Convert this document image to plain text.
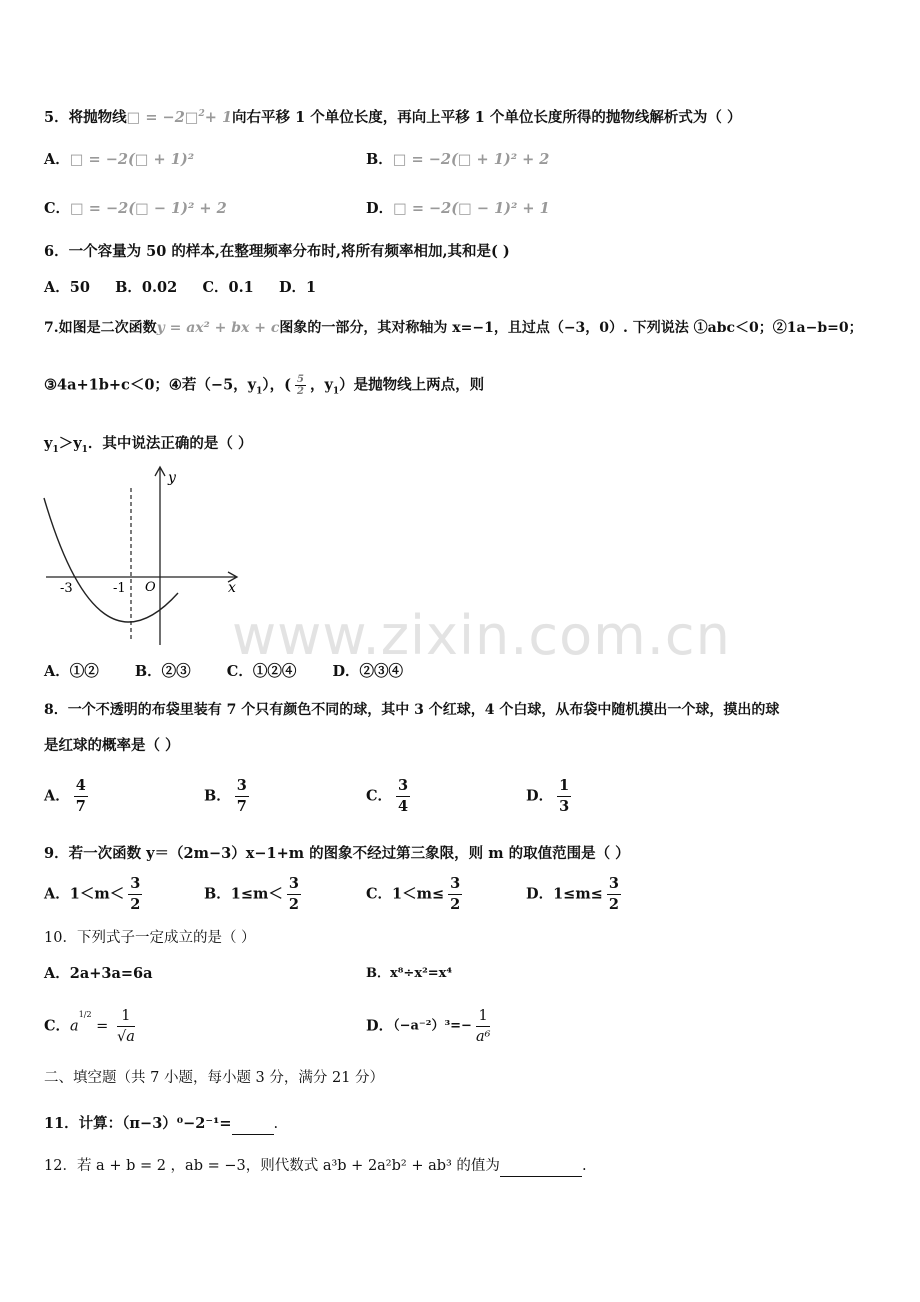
5．将抛物线□ = −2□$^2$+ 1向右平移 1 个单位长度，再向上平移 1 个单位长度所得的抛物线解析式为（ ）
A．□ = −2(□ + 1)²	B．□ = −2(□ + 1)² + 2
C．□ = −2(□ − 1)² + 2	D．□ = −2(□ − 1)² + 1
6．一个容量为 50 的样本,在整理频率分布时,将所有频率相加,其和是( )
A．50     B．0.02     C．0.1     D．1
7.如图是二次函数y = ax² + bx + c图象的一部分，其对称轴为 x=−1，且过点（−3，0）. 下列说法 ①abc＜0；②1a−b=0；
③4a+1b+c＜0；④若（−5，$y_1$），( $\frac{5}{2}$ ，$y_1$）是抛物线上两点，则
$y_1>y_1$．其中说法正确的是（ ）
y
x
O
-3	-1
A．①② B．②③ C．①②④ D．②③④
8．一个不透明的布袋里装有 7 个只有颜色不同的球，其中 3 个红球，4 个白球，从布袋中随机摸出一个球，摸出的球
是红球的概率是（ ）
A． $\frac{4}{7}$	B． $\frac{3}{7}$	C． $\frac{3}{4}$	D． $\frac{1}{3}$
9．若一次函数 y＝（2m−3）x−1+m 的图象不经过第三象限，则 m 的取值范围是（ ）
A．$1<m< \frac{3}{2}$	B．$1\le m< \frac{3}{2}$	C．$1<m\le \frac{3}{2}$	D．$1\le m\le \frac{3}{2}$
10．下列式子一定成立的是（ ）
A．2a+3a=6a	B．x⁸÷x²=x⁴
C．$a^{1/2} = \frac{1}{√a}$	D．$(-a^{-2})^3=- \frac{1}{\text{a⁶}}$
二、填空题（共 7 小题，每小题 3 分，满分 21 分）
11．计算：（π−3）⁰−2⁻¹=	.
12．若 a + b = 2 ，ab = −3，则代数式 a³b + 2a²b² + ab³ 的值为	.
www.zixin.com.cn
